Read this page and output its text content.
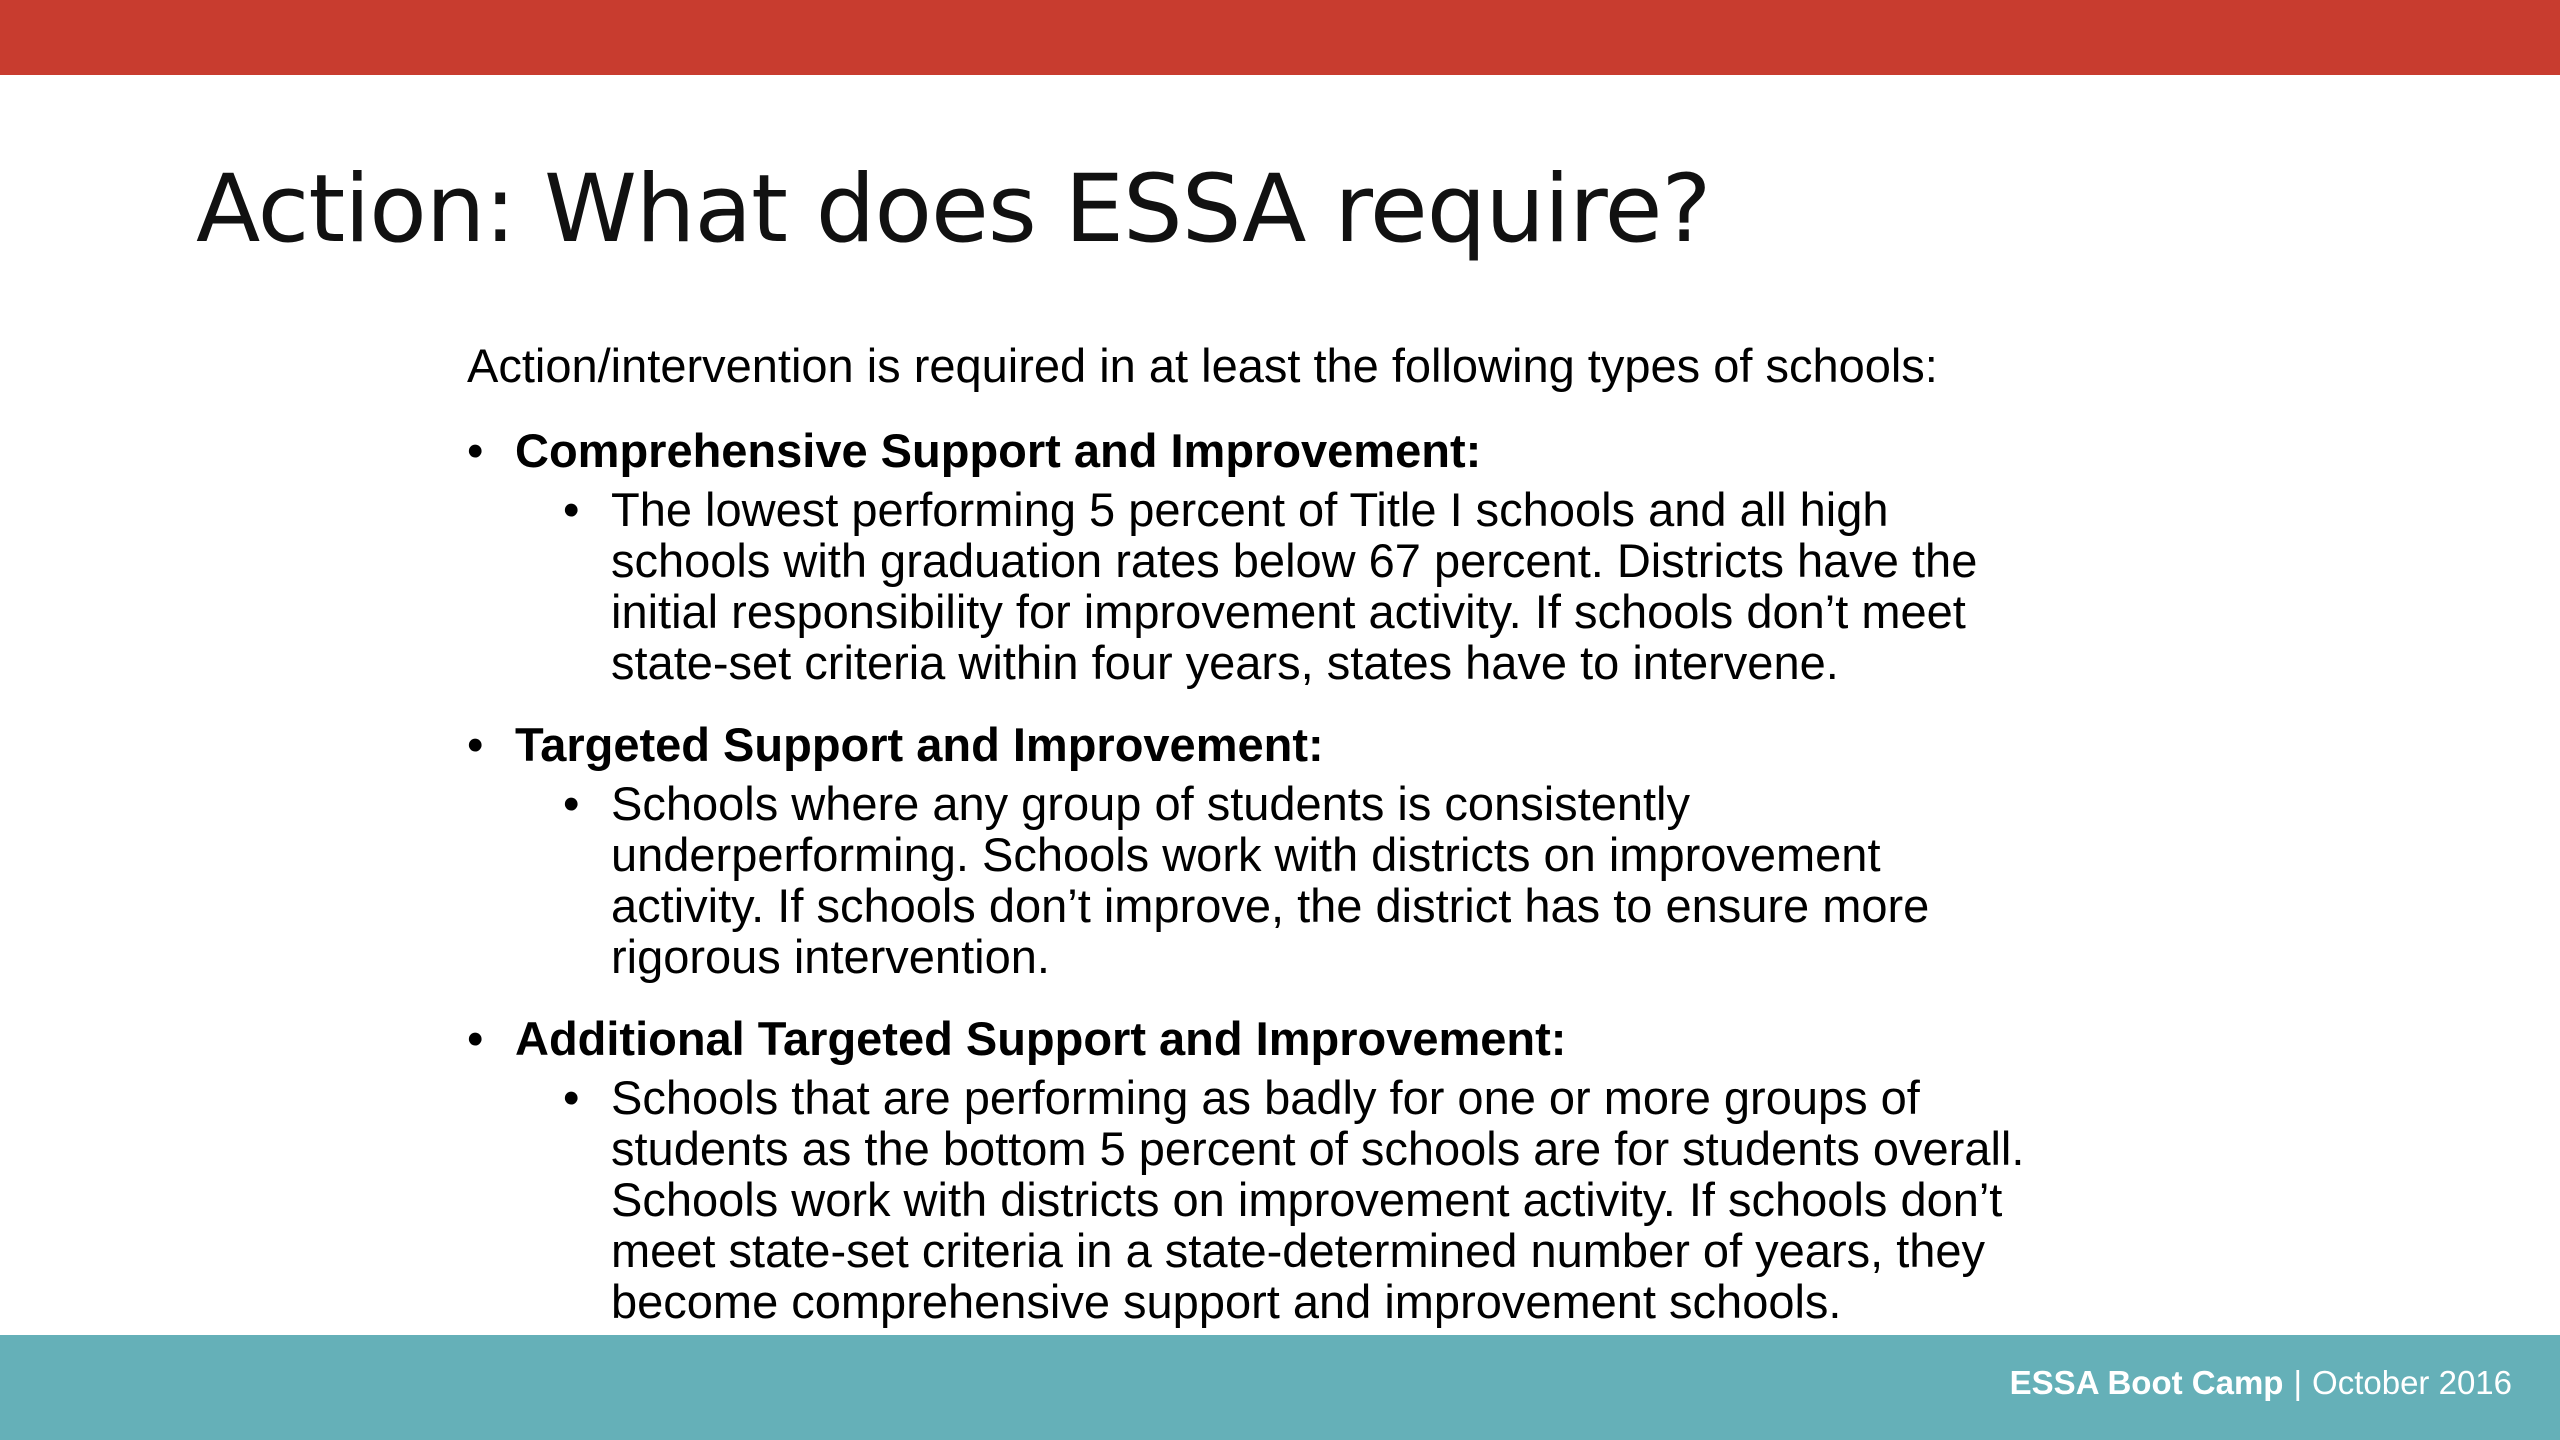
Action: What does ESSA require?

Action/intervention is required in at least the following types of schools:

• Comprehensive Support and Improvement:
• The lowest performing 5 percent of Title I schools and all high
schools with graduation rates below 67 percent. Districts have the
initial responsibility for improvement activity. If schools don’t meet
state-set criteria within four years, states have to intervene.
• Targeted Support and Improvement:
• Schools where any group of students is consistently
underperforming. Schools work with districts on improvement
activity. If schools don’t improve, the district has to ensure more
rigorous intervention.
• Additional Targeted Support and Improvement:
• Schools that are performing as badly for one or more groups of
students as the bottom 5 percent of schools are for students overall.
Schools work with districts on improvement activity. If schools don’t
meet state-set criteria in a state-determined number of years, they
become comprehensive support and improvement schools.
ESSA Boot Camp | October 2016
